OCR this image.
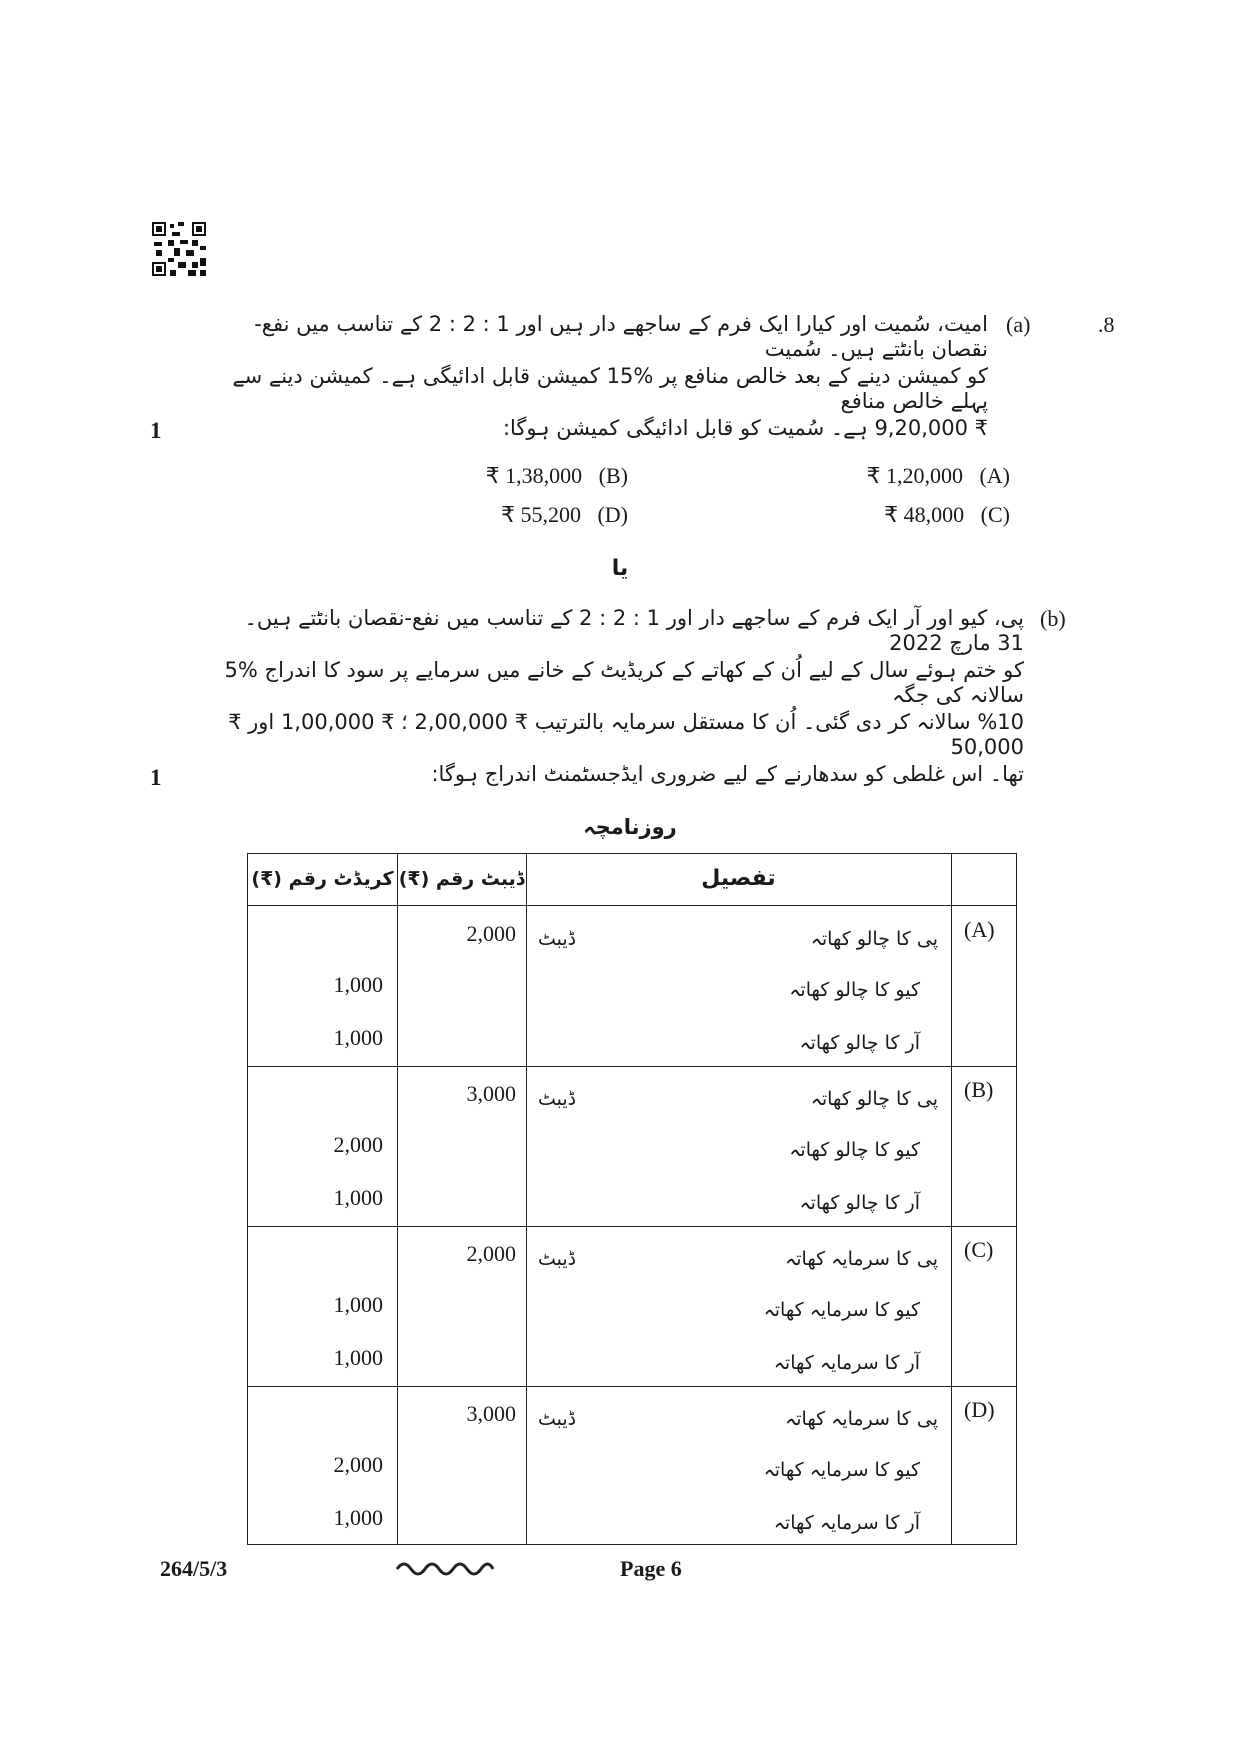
.8
(a)
امیت، سُمیت اور کیارا ایک فرم کے ساجھے دار ہیں اور 1 : 2 : 2 کے تناسب میں نفع-نقصان بانٹتے ہیں۔ سُمیت
کو کمیشن دینے کے بعد خالص منافع پر %15 کمیشن قابل ادائیگی ہے۔ کمیشن دینے سے پہلے خالص منافع
₹ 9,20,000 ہے۔ سُمیت کو قابل ادائیگی کمیشن ہوگا:
1
₹ 1,20,000 (A)
₹ 1,38,000 (B)
₹ 48,000 (C)
₹ 55,200 (D)
یا
(b)
پی، کیو اور آر ایک فرم کے ساجھے دار اور 1 : 2 : 2 کے تناسب میں نفع-نقصان بانٹتے ہیں۔ 31 مارچ 2022
کو ختم ہوئے سال کے لیے اُن کے کھاتے کے کریڈیٹ کے خانے میں سرمایے پر سود کا اندراج %5 سالانہ کی جگہ
%10 سالانہ کر دی گئی۔ اُن کا مستقل سرمایہ بالترتیب ₹ 2,00,000 ؛ ₹ 1,00,000 اور ₹ 50,000
تھا۔ اس غلطی کو سدھارنے کے لیے ضروری ایڈجسٹمنٹ اندراج ہوگا:
1
روزنامچہ
کریڈٹ رقم (₹) ڈیبٹ رقم (₹)	تفصیل
(A)
پی کا چالو کھاتہ
ڈیبٹ
2,000
کیو کا چالو کھاتہ
1,000
آر کا چالو کھاتہ
1,000
(B)
پی کا چالو کھاتہ
ڈیبٹ
3,000
کیو کا چالو کھاتہ
2,000
آر کا چالو کھاتہ
1,000
(C)
پی کا سرمایہ کھاتہ
ڈیبٹ
2,000
کیو کا سرمایہ کھاتہ
1,000
آر کا سرمایہ کھاتہ
1,000
(D)
پی کا سرمایہ کھاتہ
ڈیبٹ
3,000
کیو کا سرمایہ کھاتہ
2,000
آر کا سرمایہ کھاتہ
1,000
264/5/3	Page 6
